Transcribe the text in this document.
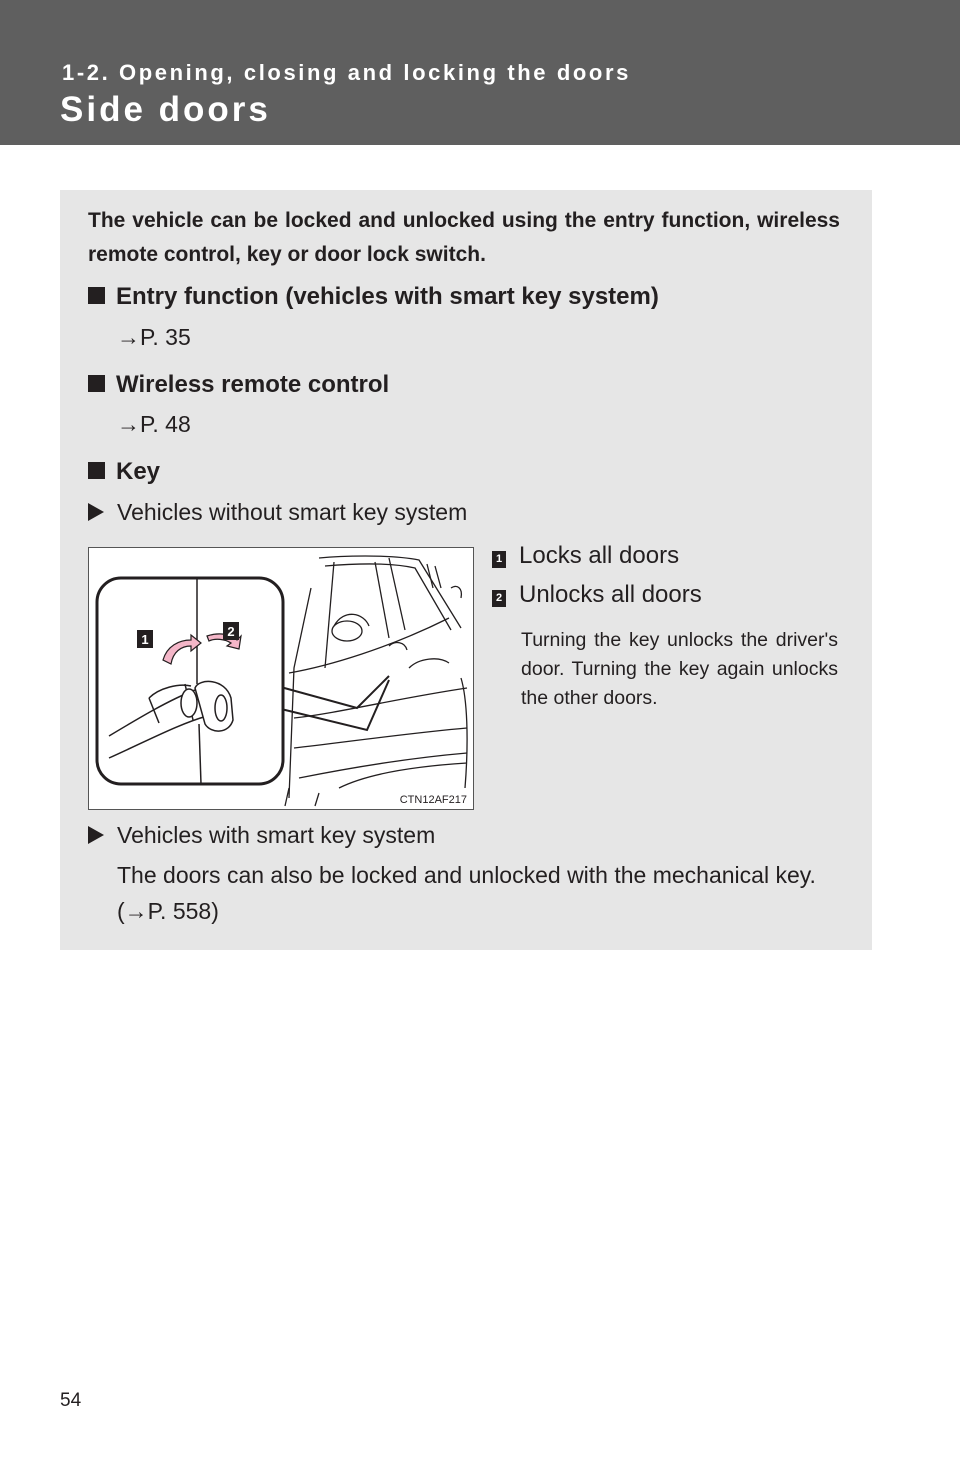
1-2. Opening, closing and locking the doors
Side doors
The vehicle can be locked and unlocked using the entry function, wireless remote control, key or door lock switch.
Entry function (vehicles with smart key system)
→P. 35
Wireless remote control
→P. 48
Key
Vehicles without smart key system
1
2
CTN12AF217
1 Locks all doors
2 Unlocks all doors
Turning the key unlocks the driver's door. Turning the key again unlocks the other doors.
Vehicles with smart key system
The doors can also be locked and unlocked with the mechanical key. (→P. 558)
54
